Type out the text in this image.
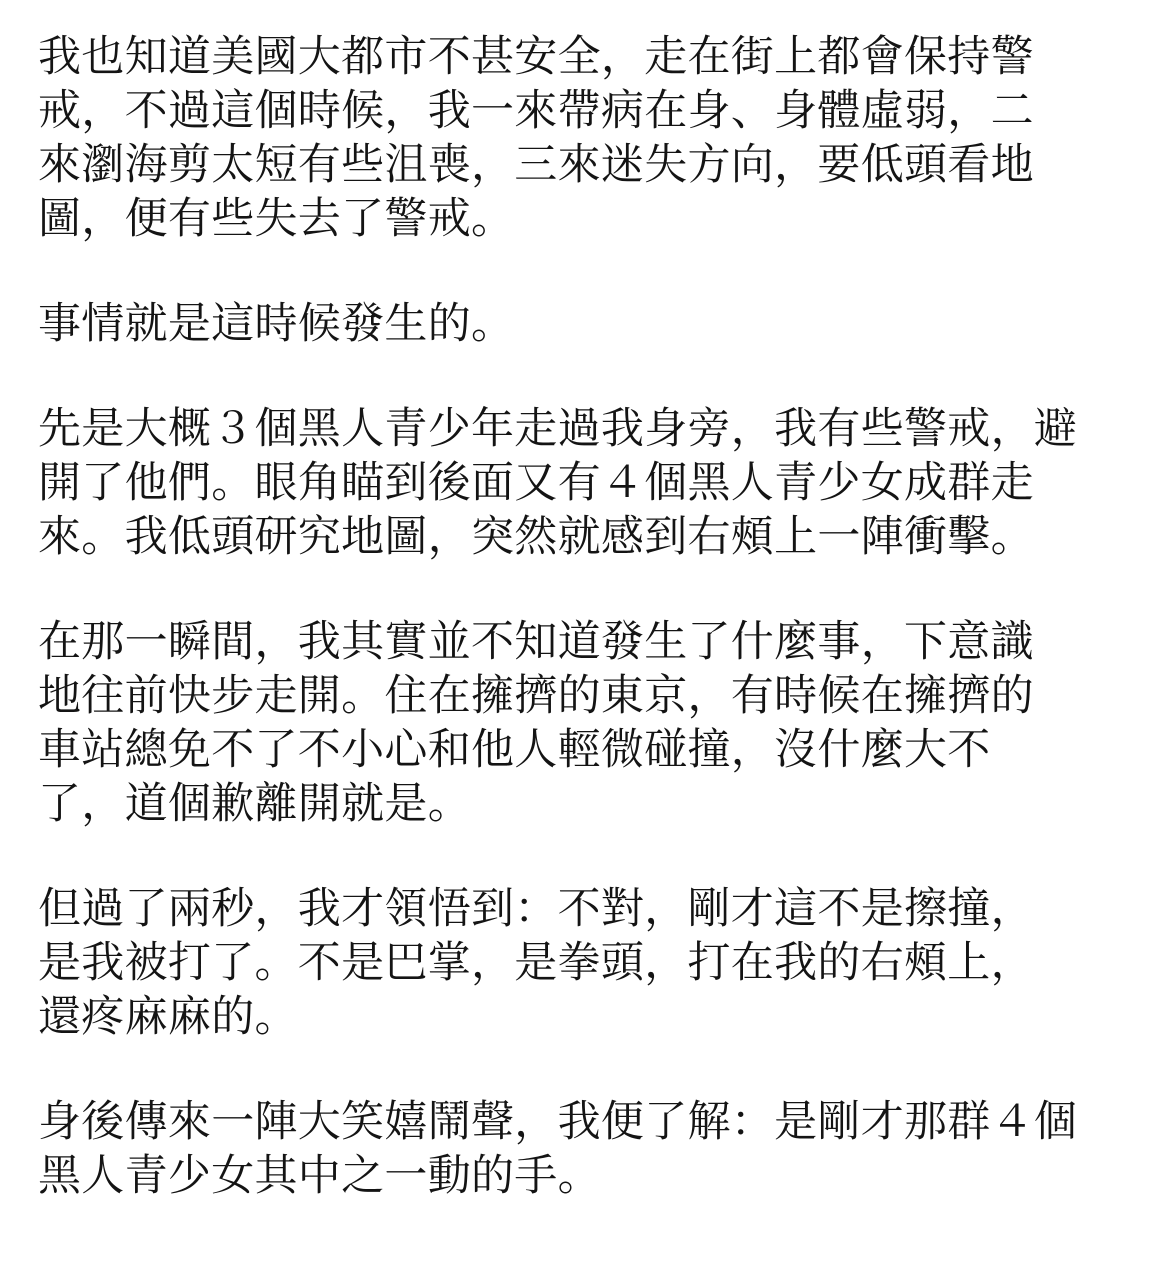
我也知道美國大都市不甚安全，走在街上都會保持警
戒，不過這個時候，我一來帶病在身、身體虛弱，二
來瀏海剪太短有些沮喪，三來迷失方向，要低頭看地
圖，便有些失去了警戒。
事情就是這時候發生的。
先是大概３個黑人青少年走過我身旁，我有些警戒，避
開了他們。眼角瞄到後面又有４個黑人青少女成群走
來。我低頭研究地圖，突然就感到右頰上一陣衝擊。
在那一瞬間，我其實並不知道發生了什麼事，下意識
地往前快步走開。住在擁擠的東京，有時候在擁擠的
車站總免不了不小心和他人輕微碰撞，沒什麼大不
了，道個歉離開就是。
但過了兩秒，我才領悟到：不對，剛才這不是擦撞，
是我被打了。不是巴掌，是拳頭，打在我的右頰上，
還疼麻麻的。
身後傳來一陣大笑嬉鬧聲，我便了解：是剛才那群４個
黑人青少女其中之一動的手。
